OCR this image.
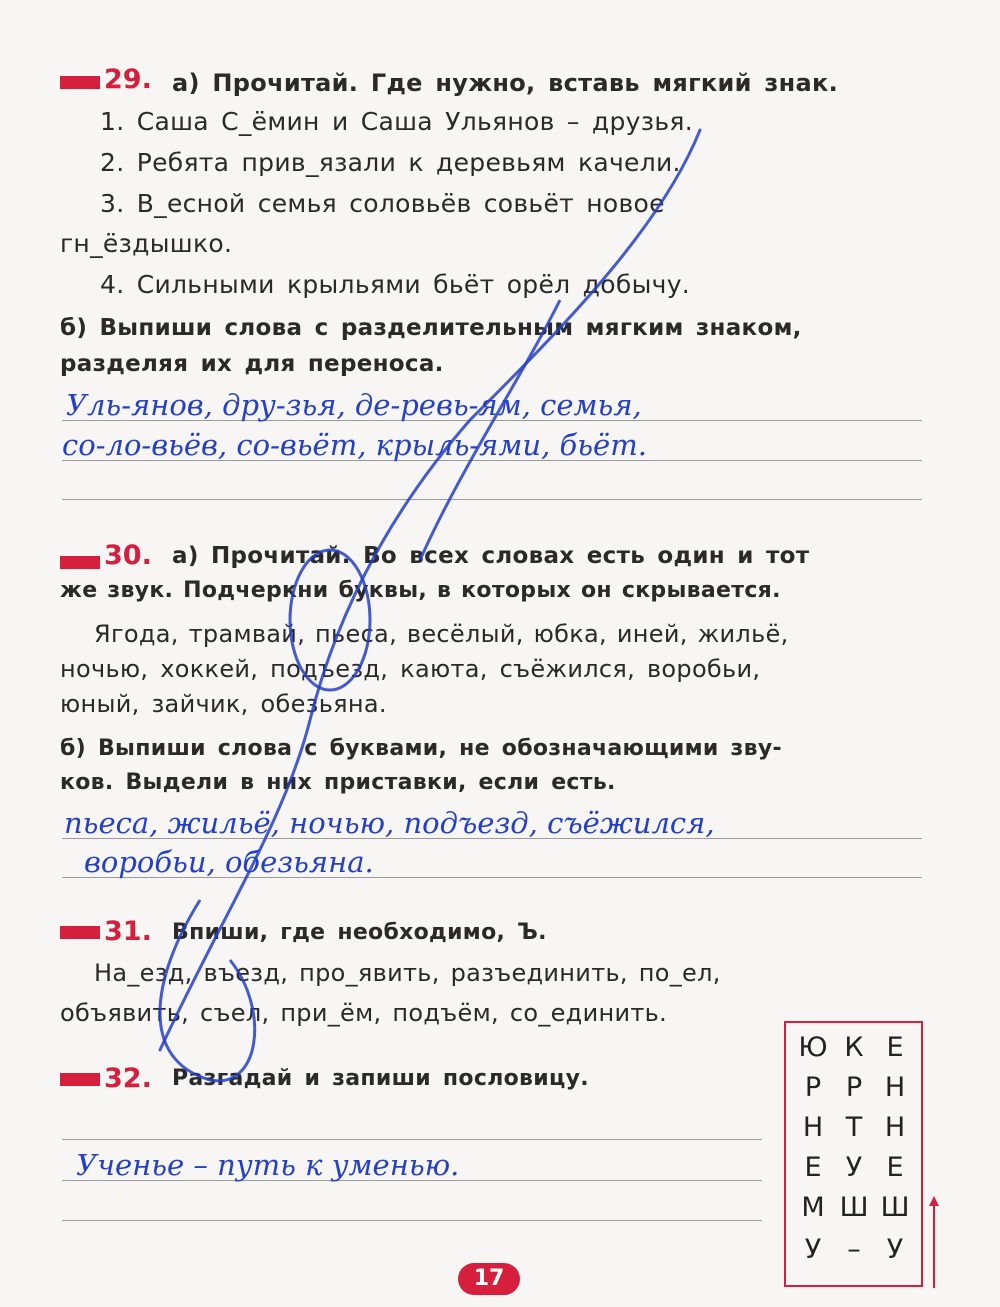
29. а) Прочитай. Где нужно, вставь мягкий знак.
1. Саша С_ёмин и Саша Ульянов – друзья.
2. Ребята прив_язали к деревьям качели.
3. В_есной семья соловьёв совьёт новое
гн_ёздышко.
4. Сильными крыльями бьёт орёл добычу.
б) Выпиши слова с разделительным мягким знаком,
разделяя их для переноса.
Уль-янов, дру-зья, де-ревь-ям, семья,
со-ло-вьёв, со-вьёт, крыль-ями, бьёт.
30. а) Прочитай. Во всех словах есть один и тот
же звук. Подчеркни буквы, в которых он скрывается.
Ягода, трамвай, пьеса, весёлый, юбка, иней, жильё,
ночью, хоккей, подъезд, каюта, съёжился, воробьи,
юный, зайчик, обезьяна.
б) Выпиши слова с буквами, не обозначающими зву-
ков. Выдели в них приставки, если есть.
пьеса, жильё, ночью, подъезд, съёжился,
воробьи, обезьяна.
31. Впиши, где необходимо, Ъ.
На_езд, въезд, про_явить, разъединить, по_ел,
объявить, съел, при_ём, подъём, со_единить.
32. Разгадай и запиши пословицу.
Ученье – путь к уменью.
Ю
Р
Н
Е
М
У
К
Р
Т
У
Ш
–
Е
Н
Н
Е
Ш
У
17
